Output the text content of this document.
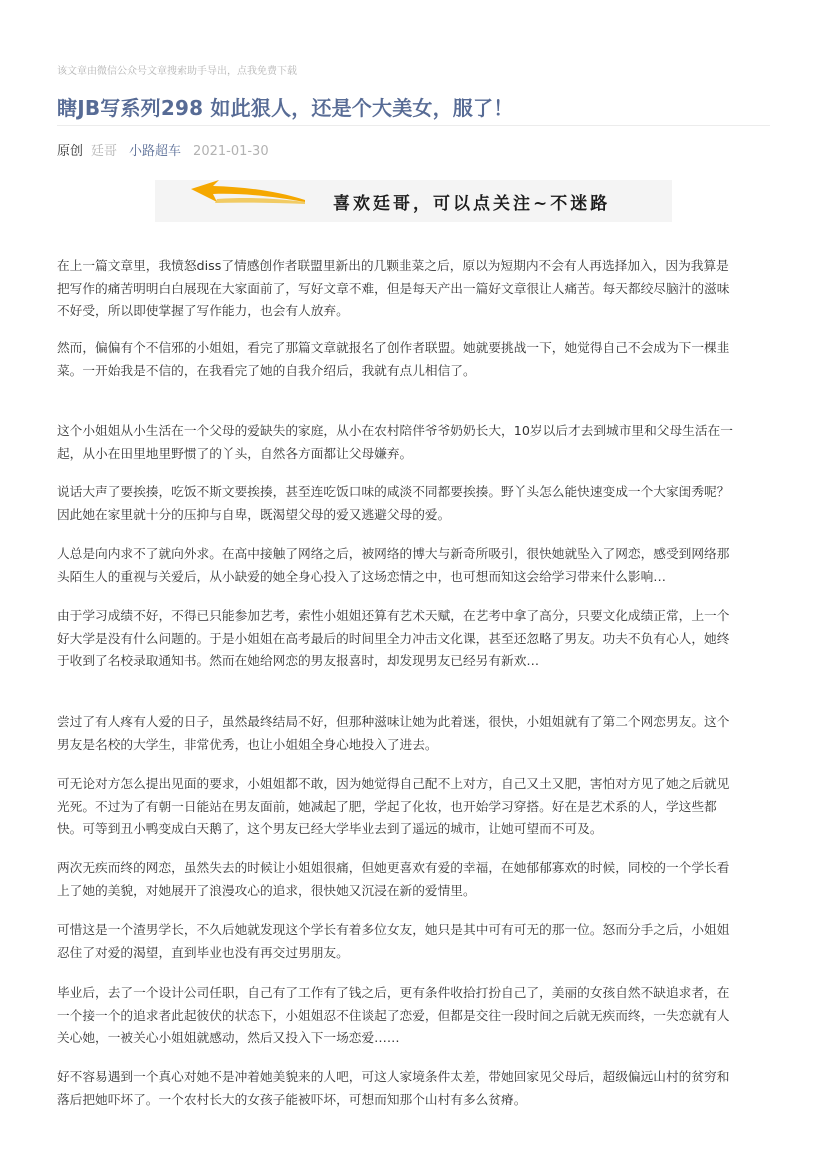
该文章由微信公众号文章搜索助手导出，点我免费下载
瞎JB写系列298 如此狠人，还是个大美女，服了！
原创 廷哥 小路超车 2021-01-30
喜欢廷哥，可以点关注~不迷路
在上一篇文章里，我愤怒diss了情感创作者联盟里新出的几颗韭菜之后，原以为短期内不会有人再选择加入，因为我算是
把写作的痛苦明明白白展现在大家面前了，写好文章不难，但是每天产出一篇好文章很让人痛苦。每天都绞尽脑汁的滋味
不好受，所以即使掌握了写作能力，也会有人放弃。
然而，偏偏有个不信邪的小姐姐，看完了那篇文章就报名了创作者联盟。她就要挑战一下，她觉得自己不会成为下一棵韭
菜。一开始我是不信的，在我看完了她的自我介绍后，我就有点儿相信了。
这个小姐姐从小生活在一个父母的爱缺失的家庭，从小在农村陪伴爷爷奶奶长大，10岁以后才去到城市里和父母生活在一
起，从小在田里地里野惯了的丫头，自然各方面都让父母嫌弃。
说话大声了要挨揍，吃饭不斯文要挨揍，甚至连吃饭口味的咸淡不同都要挨揍。野丫头怎么能快速变成一个大家闺秀呢？
因此她在家里就十分的压抑与自卑，既渴望父母的爱又逃避父母的爱。
人总是向内求不了就向外求。在高中接触了网络之后，被网络的博大与新奇所吸引，很快她就坠入了网恋，感受到网络那
头陌生人的重视与关爱后，从小缺爱的她全身心投入了这场恋情之中，也可想而知这会给学习带来什么影响…
由于学习成绩不好，不得已只能参加艺考，索性小姐姐还算有艺术天赋，在艺考中拿了高分，只要文化成绩正常，上一个
好大学是没有什么问题的。于是小姐姐在高考最后的时间里全力冲击文化课，甚至还忽略了男友。功夫不负有心人，她终
于收到了名校录取通知书。然而在她给网恋的男友报喜时，却发现男友已经另有新欢…
尝过了有人疼有人爱的日子，虽然最终结局不好，但那种滋味让她为此着迷，很快，小姐姐就有了第二个网恋男友。这个
男友是名校的大学生，非常优秀，也让小姐姐全身心地投入了进去。
可无论对方怎么提出见面的要求，小姐姐都不敢，因为她觉得自己配不上对方，自己又土又肥，害怕对方见了她之后就见
光死。不过为了有朝一日能站在男友面前，她减起了肥，学起了化妆，也开始学习穿搭。好在是艺术系的人，学这些都
快。可等到丑小鸭变成白天鹅了，这个男友已经大学毕业去到了遥远的城市，让她可望而不可及。
两次无疾而终的网恋，虽然失去的时候让小姐姐很痛，但她更喜欢有爱的幸福，在她郁郁寡欢的时候，同校的一个学长看
上了她的美貌，对她展开了浪漫攻心的追求，很快她又沉浸在新的爱情里。
可惜这是一个渣男学长，不久后她就发现这个学长有着多位女友，她只是其中可有可无的那一位。怒而分手之后，小姐姐
忍住了对爱的渴望，直到毕业也没有再交过男朋友。
毕业后，去了一个设计公司任职，自己有了工作有了钱之后，更有条件收拾打扮自己了，美丽的女孩自然不缺追求者，在
一个接一个的追求者此起彼伏的状态下，小姐姐忍不住谈起了恋爱，但都是交往一段时间之后就无疾而终，一失恋就有人
关心她，一被关心小姐姐就感动，然后又投入下一场恋爱……
好不容易遇到一个真心对她不是冲着她美貌来的人吧，可这人家境条件太差，带她回家见父母后，超级偏远山村的贫穷和
落后把她吓坏了。一个农村长大的女孩子能被吓坏，可想而知那个山村有多么贫瘠。
